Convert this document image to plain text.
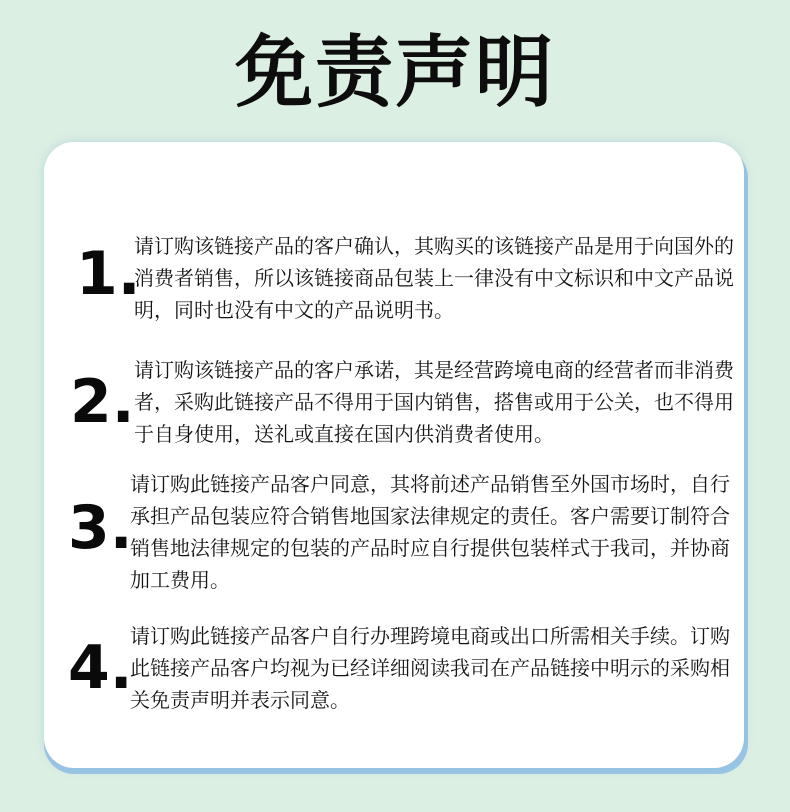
免责声明
1.
请订购该链接产品的客户确认，其购买的该链接产品是用于向国外的消费者销售，所以该链接商品包装上一律没有中文标识和中文产品说明，同时也没有中文的产品说明书。
2. 请订购该链接产品的客户承诺，其是经营跨境电商的经营者而非消费者，采购此链接产品不得用于国内销售，搭售或用于公关，也不得用于自身使用，送礼或直接在国内供消费者使用。
3.
请订购此链接产品客户同意，其将前述产品销售至外国市场时，自行承担产品包装应符合销售地国家法律规定的责任。客户需要订制符合销售地法律规定的包装的产品时应自行提供包装样式于我司，并协商加工费用。
4.
请订购此链接产品客户自行办理跨境电商或出口所需相关手续。订购此链接产品客户均视为已经详细阅读我司在产品链接中明示的采购相关免责声明并表示同意。
